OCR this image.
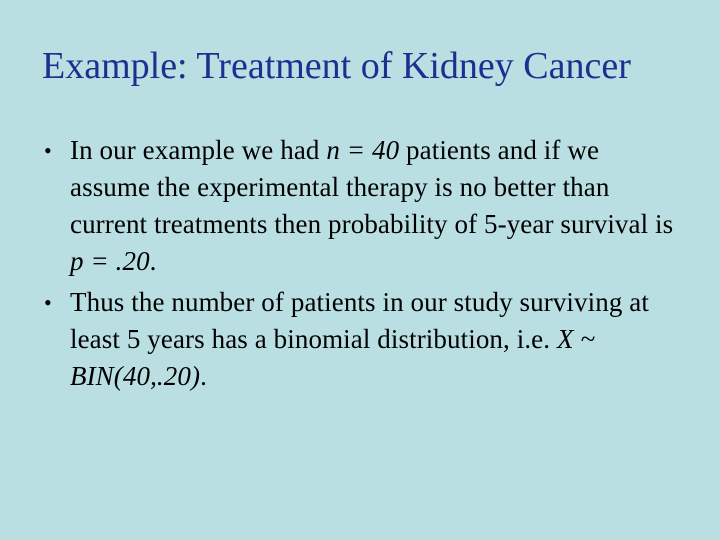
Example: Treatment of Kidney Cancer
• In our example we had n = 40 patients and if we assume the experimental therapy is no better than current treatments then probability of 5-year survival is p = .20.
• Thus the number of patients in our study surviving at least 5 years has a binomial distribution, i.e. X ~ BIN(40,.20).
